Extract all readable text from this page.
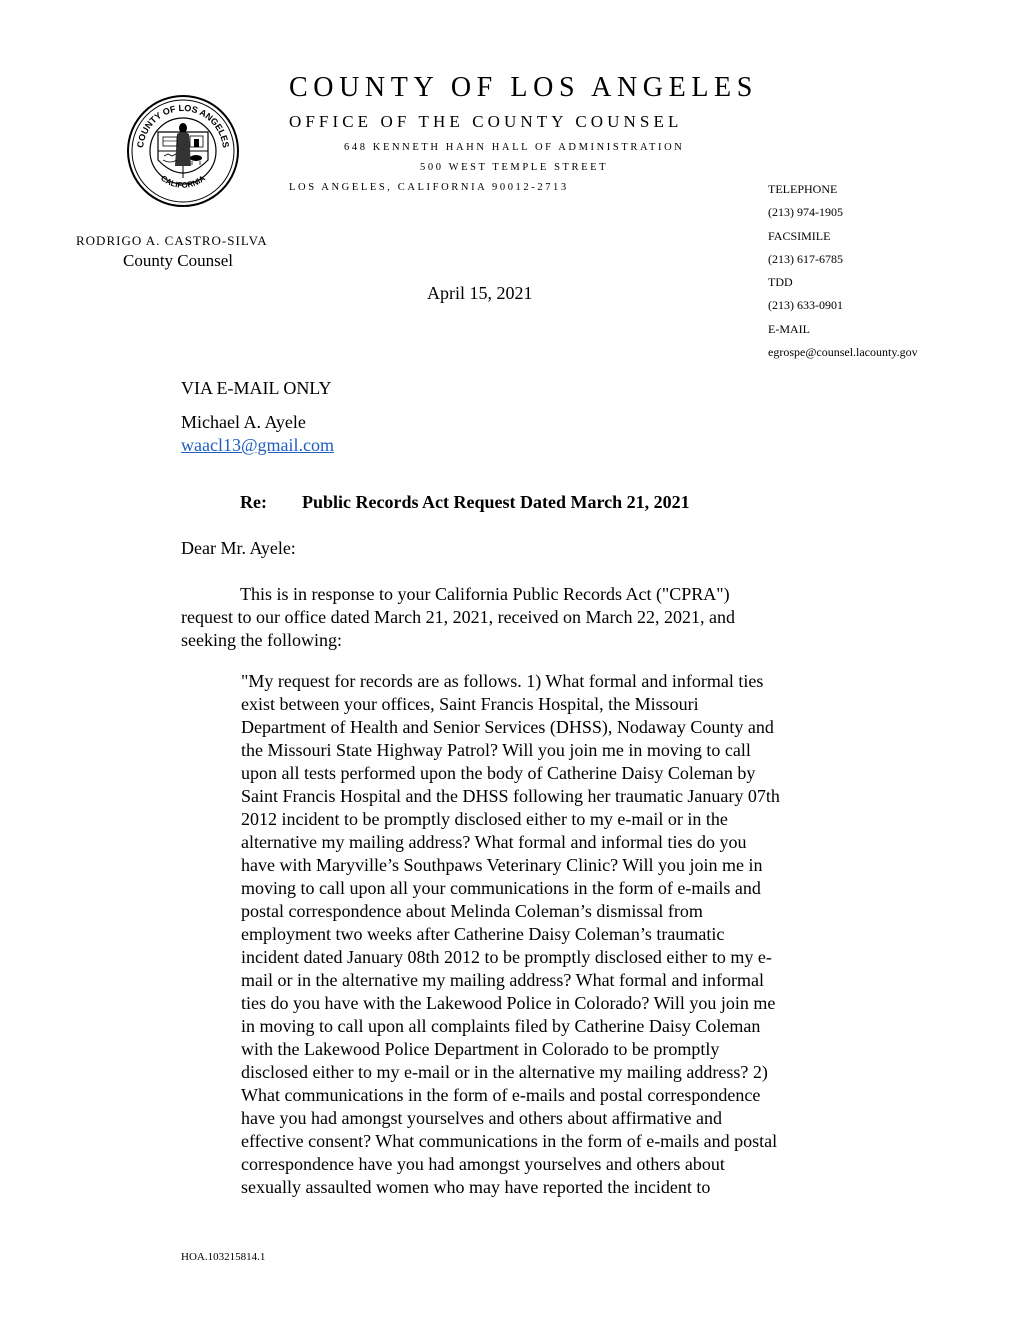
COUNTY OF LOS ANGELES
CALIFORNIA
COUNTY OF LOS ANGELES
OFFICE OF THE COUNTY COUNSEL
648 KENNETH HAHN HALL OF ADMINISTRATION
500 WEST TEMPLE STREET
LOS ANGELES, CALIFORNIA 90012-2713	TELEPHONE
(213) 974-1905
FACSIMILE
(213) 617-6785
TDD
(213) 633-0901
E-MAIL
egrospe@counsel.lacounty.gov
RODRIGO A. CASTRO-SILVA
County Counsel
April 15, 2021
VIA E-MAIL ONLY
Michael A. Ayele
waacl13@gmail.com
Re: Public Records Act Request Dated March 21, 2021
Dear Mr. Ayele:
This is in response to your California Public Records Act ("CPRA")
request to our office dated March 21, 2021, received on March 22, 2021, and
seeking the following:
"My request for records are as follows. 1) What formal and informal ties
exist between your offices, Saint Francis Hospital, the Missouri
Department of Health and Senior Services (DHSS), Nodaway County and
the Missouri State Highway Patrol? Will you join me in moving to call
upon all tests performed upon the body of Catherine Daisy Coleman by
Saint Francis Hospital and the DHSS following her traumatic January 07th
2012 incident to be promptly disclosed either to my e-mail or in the
alternative my mailing address? What formal and informal ties do you
have with Maryville’s Southpaws Veterinary Clinic? Will you join me in
moving to call upon all your communications in the form of e-mails and
postal correspondence about Melinda Coleman’s dismissal from
employment two weeks after Catherine Daisy Coleman’s traumatic
incident dated January 08th 2012 to be promptly disclosed either to my e-
mail or in the alternative my mailing address? What formal and informal
ties do you have with the Lakewood Police in Colorado? Will you join me
in moving to call upon all complaints filed by Catherine Daisy Coleman
with the Lakewood Police Department in Colorado to be promptly
disclosed either to my e-mail or in the alternative my mailing address? 2)
What communications in the form of e-mails and postal correspondence
have you had amongst yourselves and others about affirmative and
effective consent? What communications in the form of e-mails and postal
correspondence have you had amongst yourselves and others about
sexually assaulted women who may have reported the incident to
HOA.103215814.1
